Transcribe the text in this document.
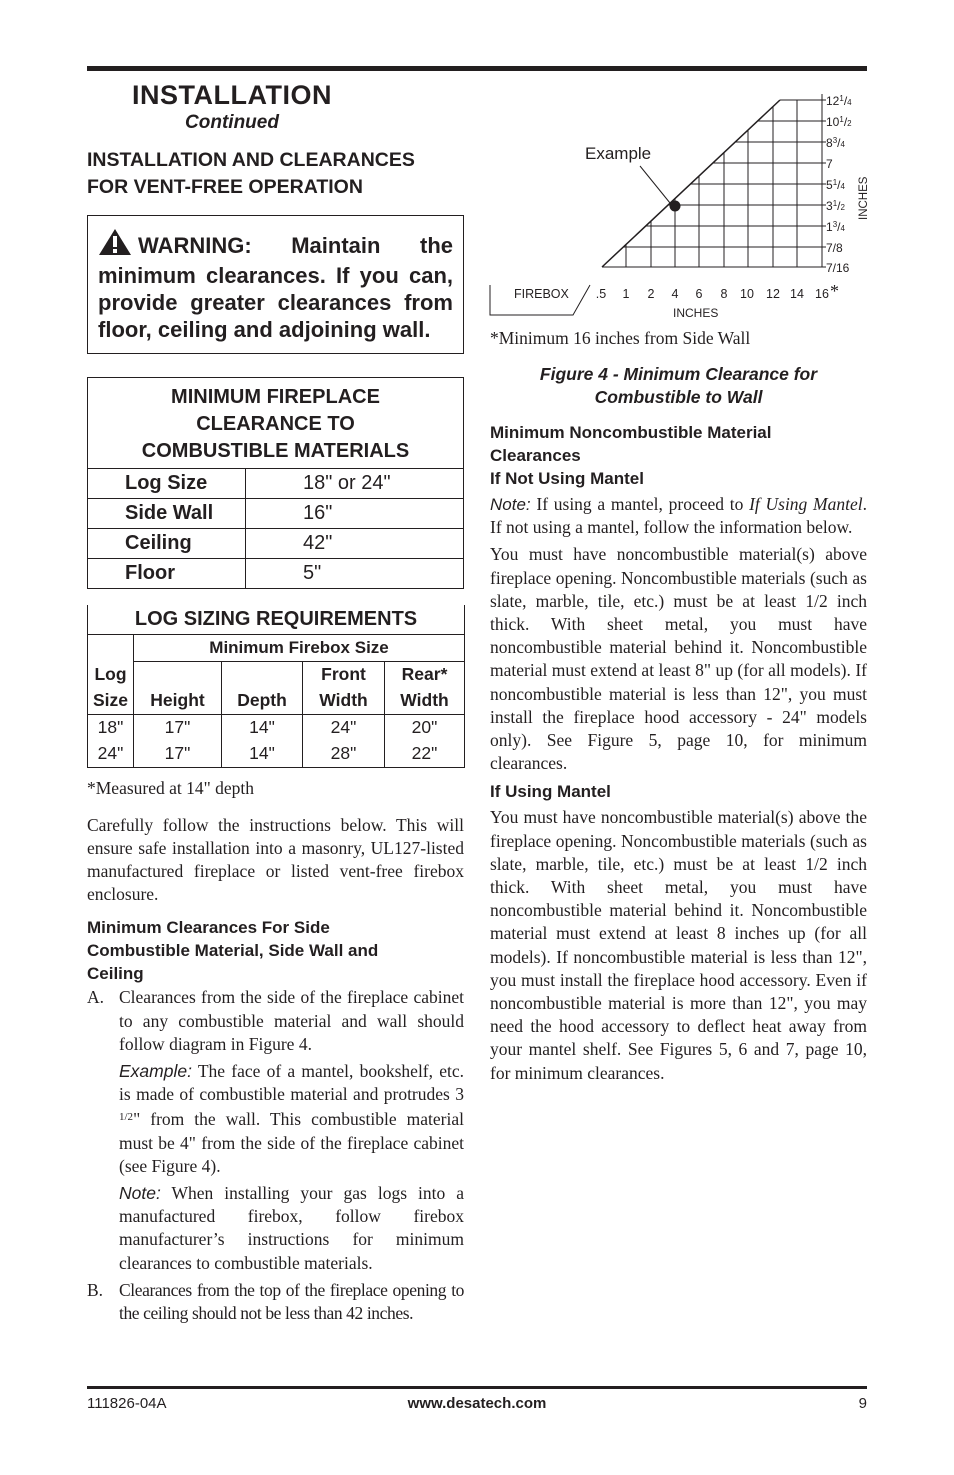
INSTALLATION
Continued
INSTALLATION AND CLEARANCES
FOR VENT-FREE OPERATION
WARNING: Maintain the minimum clearances. If you can, provide greater clearances from floor, ceiling and adjoining wall.
MINIMUM FIREPLACE
CLEARANCE TO
COMBUSTIBLE MATERIALS	

Log Size	18" or 24"
Side Wall	16"
Ceiling	42"
Floor	5"
LOG SIZING REQUIREMENTS				
	Minimum Firebox Size			
Log			Front	Rear*
Size	Height	Depth	Width	Width
18"	17"	14"	24"	20"
24"	17"	14"	28"	22"
*Measured at 14" depth

Carefully follow the instructions below. This will ensure safe installation into a masonry, UL127-listed manufactured fireplace or listed vent-free firebox enclosure.

Minimum Clearances For Side
Combustible Material, Side Wall and
Ceiling
A. Clearances from the side of the fireplace cabinet to any combustible material and wall should follow diagram in Figure 4.

Example: The face of a mantel, bookshelf, etc. is made of combustible material and protrudes 3 $^{1/2}$" from the wall. This combustible material must be 4" from the side of the fireplace cabinet (see Figure 4).

Note: When installing your gas logs into a manufactured firebox, follow firebox manufacturer’s instructions for minimum clearances to combustible materials.

B. Clearances from the top of the fireplace opening to the ceiling should not be less than 42 inches.

Example
FIREBOX .5 1 2 4 6 8 10 12 14 16
$12^1/4$
$10^1/2$
$8^3/4$
7
$5^1/4$
$3^1/2$
$1^3/4$
7/8
7/16
*
INCHES
INCHES
*Minimum 16 inches from Side Wall
Figure 4 - Minimum Clearance for
Combustible to Wall
Minimum Noncombustible Material
Clearances
If Not Using Mantel

Note: If using a mantel, proceed to If Using Mantel. If not using a mantel, follow the information below.

You must have noncombustible material(s) above fireplace opening. Noncombustible materials (such as slate, marble, tile, etc.) must be at least 1/2 inch thick. With sheet metal, you must have noncombustible material behind it. Noncombustible material must extend at least 8" up (for all models). If noncombustible material is less than 12", you must install the fireplace hood accessory - 24" models only). See Figure 5, page 10, for minimum clearances.

If Using Mantel

You must have noncombustible material(s) above the fireplace opening. Noncombustible materials (such as slate, marble, tile, etc.) must be at least 1/2 inch thick. With sheet metal, you must have noncombustible material behind it. Noncombustible material must extend at least 8 inches up (for all models). If noncombustible material is less than 12", you must install the fireplace hood accessory. Even if noncombustible material is more than 12", you may need the hood accessory to deflect heat away from your mantel shelf. See Figures 5, 6 and 7, page 10, for minimum clearances.

111826-04A	www.desatech.com	9
